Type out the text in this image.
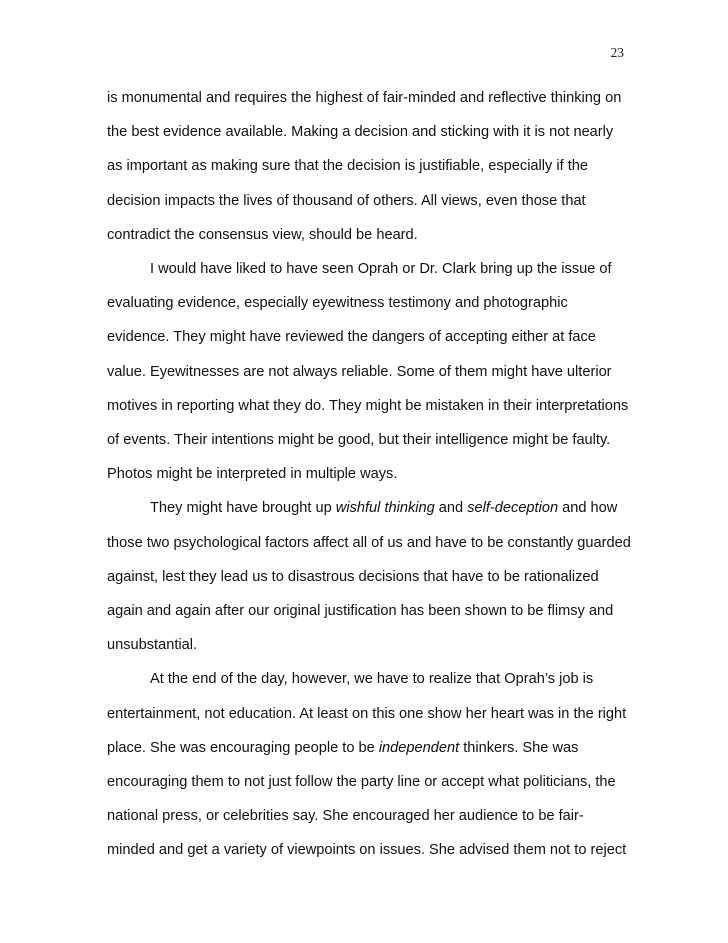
23
is monumental and requires the highest of fair-minded and reflective thinking on
the best evidence available. Making a decision and sticking with it is not nearly
as important as making sure that the decision is justifiable, especially if the
decision impacts the lives of thousand of others. All views, even those that
contradict the consensus view, should be heard.
I would have liked to have seen Oprah or Dr. Clark bring up the issue of
evaluating evidence, especially eyewitness testimony and photographic
evidence. They might have reviewed the dangers of accepting either at face
value. Eyewitnesses are not always reliable. Some of them might have ulterior
motives in reporting what they do. They might be mistaken in their interpretations
of events. Their intentions might be good, but their intelligence might be faulty.
Photos might be interpreted in multiple ways.
They might have brought up wishful thinking and self-deception and how
those two psychological factors affect all of us and have to be constantly guarded
against, lest they lead us to disastrous decisions that have to be rationalized
again and again after our original justification has been shown to be flimsy and
unsubstantial.
At the end of the day, however, we have to realize that Oprah’s job is
entertainment, not education. At least on this one show her heart was in the right
place. She was encouraging people to be independent thinkers. She was
encouraging them to not just follow the party line or accept what politicians, the
national press, or celebrities say. She encouraged her audience to be fair-
minded and get a variety of viewpoints on issues. She advised them not to reject
